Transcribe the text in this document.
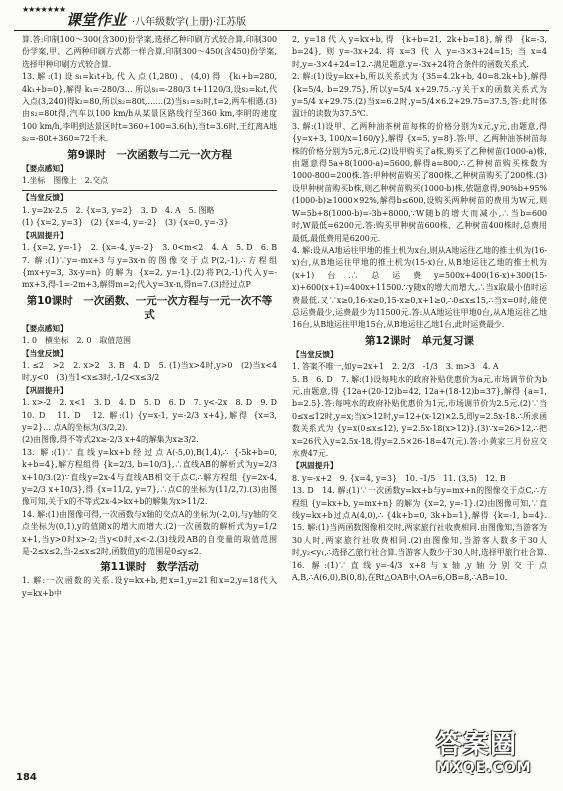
★★★★★★★
课堂作业 ·八年级数学(上册)·江苏版

算.答:印制100～300(含300)份学案,选择乙种印刷方式较合算,印制300份学案,甲、乙两种印刷方式都一样合算,印制300～450(含450)份学案,选择甲种印刷方式较合算.

13.解:(1)设s₁=k₁t+b,代入点(1,280)、(4,0)得 {k₁+b=280, 4k₁+b=0},解得 k₁=-280/3… 所以s₁=-280/3 t+1120/3,设s₂=k₂t,代入点(3,240)得k₂=80,所以s₂=80t,……(2)当s₁=s₂时,t=2,两车相遇.(3)由s₂=80t得,汽车以100 km/h从某景区路线行至360 km,李明的速度100 km/h,李明到达景区时t=360÷100=3.6(h),当t=3.6时,王红离A地s₂=-80t+360=72千米.

第9课时　一次函数与二元一次方程

【要点感知】

1.坐标　图像上　2.交点

【当堂反馈】

1. y=2x-2.5　2. {x=3, y=2}　3. D　4. A　5. 图略

(1) {x=2, y=3}　(2) {x=-4, y=-2}　(3) {x=0, y=-3}

【巩固提升】

1. {x=2, y=-1}　2. {x=-4, y=-2}　3. 0<m<2　4. A　5. D　6. B　7. 解:(1)∵y=-mx+3与y=3x-n的图像交于点P(2,-1),∴方程组 {mx+y=3, 3x-y=n} 的解为 {x=2, y=-1}.(2)将P(2,-1)代入y=-mx+3,得-1=-2m+3,解得m=2;代入y=3x-n,得n=7.(3)经过点P

第10课时　一次函数、一元一次方程与一元一次不等式

【要点感知】

1. 0　横坐标　2. 0　取值范围

【当堂反馈】

1. ≤2　>2　2. x>2　3. B　4. D　5. (1)当x>4时,y>0　(2)当x<4时,y<0　(3)当1<x≤3时,-1/2<x≤3/2

【巩固提升】

1. x>-2　2. x<1　3. D　4. D　5. D　6. D　7. y<-2x　8. D　9. D　10. D　11. D　12. 解:(1) {y=x-1, y=-2/3 x+4},解得 {x=3, y=2}… 点A的坐标为(3/2,2).

(2)由图像,得不等式2x≥-2/3 x+4的解集为x≥3/2.

13. 解:(1)∵直线y=kx+b经过点A(-5,0),B(1,4),∴ {-5k+b=0, k+b=4},解方程组得 {k=2/3, b=10/3},∴直线AB的解析式为y=2/3 x+10/3.(2)∵直线y=2x-4与直线AB相交于点C,∴解方程组 {y=2x-4, y=2/3 x+10/3},得 {x=11/2, y=7},∴点C的坐标为(11/2,7).(3)由图像可知,关于x的不等式2x-4>kx+b的解集为x>11/2.

14. 解:(1)由图像可得,一次函数与x轴的交点A的坐标为(-2,0),与y轴的交点坐标为(0,1),y的值随x的增大而增大.(2)一次函数的解析式为y=1/2 x+1,当y>0时x>-2;当y<0时,x<-2.(3)线段AB的自变量的取值范围是-2≤x≤2,当-2≤x≤2时,函数值y的范围是0≤y≤2.

第11课时　数学活动

1. 解:一次函数的关系.设y=kx+b,把x=1,y=21和x=2,y=18代入y=kx+b中

2, y=18代入y=kx+b,得 {k+b=21, 2k+b=18},解得 {k=-3, b=24},则y=-3x+24.将x=3代入y=-3×3+24=15;当x=4时,y=-3×4+24=12.∴满足题意.y=-3x+24符合条件的函数关系式.

2. 解:(1)设y=kx+b,所以关系式为 {35=4.2k+b, 40=8.2k+b},解得 {k=5/4, b=29.75},所以y=5/4 x+29.75.∴y关于x的函数关系式为y=5/4 x+29.75.(2)当x=6.2时,y=5/4×6.2+29.75=37.5,答:此时体温计的读数为37.5℃.

3. 解:(1)设甲、乙两种油茶树苗每株的价格分别为x元,y元,由题意,得 {y=x+3, 100/x=160/y},解得 {x=5, y=8}.答:甲、乙两种油茶树苗每株的价格分别为5元,8元.(2)设甲购买了a株,购买了乙种树苗(1000-a)株,由题意得5a+8(1000-a)=5600,解得a=800,∴乙种树苗购买株数为1000-800=200株.答:甲种树苗购买了800株,乙种树苗购买了200株.(3)设甲种树苗购买b株,则乙种树苗购买(1000-b)株,依题意得,90%b+95%(1000-b)≥1000×92%,解得b≤600,设购买两种树苗的费用为W元,则W=5b+8(1000-b)=-3b+8000,∵W随b的增大而减小,∴当b=600时,W最低=6200元.答:购买甲种树苗600株、乙种树苗400株时,总费用最低,最低费用是6200元.

4. 解:设从A地运往甲地的推土机为x台,则从A地运往乙地的推土机为(16-x)台,从B地运往甲地的推土机为(15-x)台,从B地运往乙地的推土机为(x+1)台.∴总运费y=500x+400(16-x)+300(15-x)+600(x+1)=400x+11500.∵y随x的增大而增大,∴当x取最小值时运费最低.又∵x≥0,16-x≥0,15-x≥0,x+1≥0,∴0≤x≤15,∴当x=0时,能使总运费最少,运费最少为11500元.答:从A地运往甲地0台,从A地运往乙地16台,从B地运往甲地15台,从B地运往乙地1台,此时运费最少.

第12课时　单元复习课

【当堂反馈】

1. 答案不唯一,如y=2x+1　2. 2/3　-1/3　3. m>3　4. A

5. B　6. D　7. 解:(1)设每吨水的政府补贴优惠价为a元,市场调节价为b元.由题意,得 {12a+(20-12)b=42, 12a+(18-12)b=37},解得 {a=1, b=2.5}.答:每吨水的政府补贴优惠价为1元,市场调节价为2.5元.(2)∵当0≤x≤12时,y=x;当x>12时,y=12+(x-12)×2.5,即y=2.5x-18.∴所求函数关系式为 {y=x(0≤x≤12), y=2.5x-18(x>12)}.(3)∵x=26>12,∴把x=26代入y=2.5x-18,得y=2.5×26-18=47(元).答:小黄家三月份应交水费47元.

【巩固提升】

8. y=-x+2　9. {x=4, y=3}　10. -1/5　11. (3,5)　12. B

13. D　14. 解:(1)∵一次函数y=kx+b与y=mx+n的图像交于点C,∴方程组 {y=kx+b, y=mx+n} 的解为 {x=2, y=-1}.(2)由图像可知,∵直线y=kx+b过点A(4,0),∴ {4k+b=0, 3k+b=1},解得 {k=-1, b=4}.　15. 解:(1)当两函数图像相交时,两家旅行社收费相同.由图像知,当游客为30人时,两家旅行社收费相同.(2)由图像知,当游客人数多于30人时,y₂<y₁,∴选择乙旅行社合算.当游客人数少于30人时,选择甲旅行社合算.

16. 解:(1)∵直线y=-4/3 x+8与x轴,y轴分别交于点A,B,∴A(6,0),B(0,8),在Rt△OAB中,OA=6,OB=8,∴AB=10.

184
答案圈
MXQE.COM
